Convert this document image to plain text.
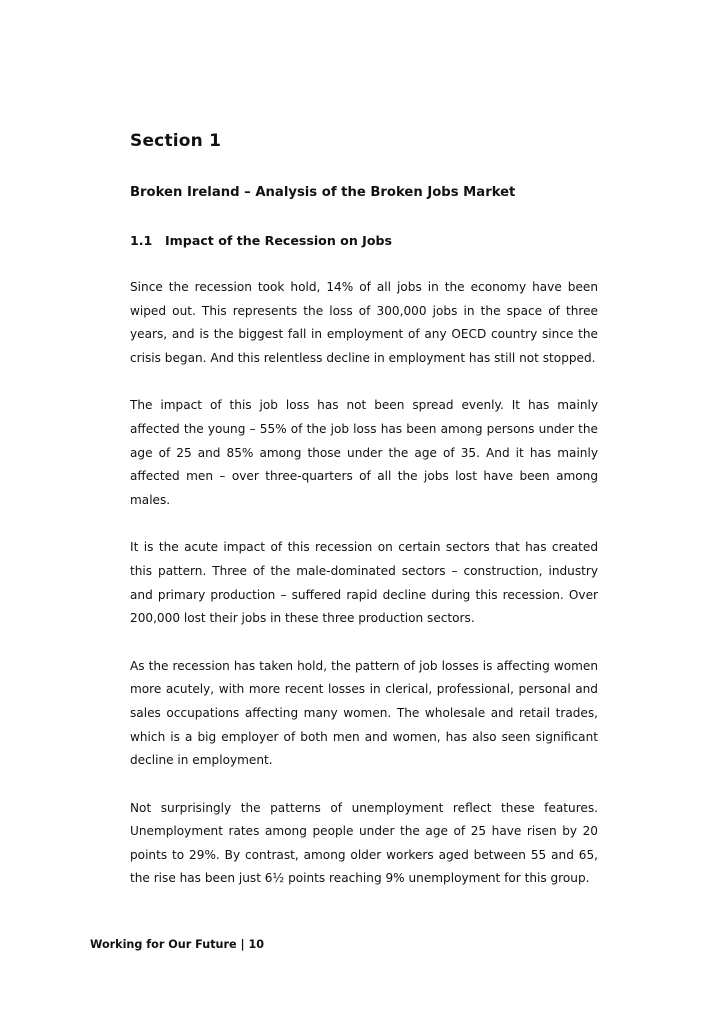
Section 1
Broken Ireland – Analysis of the Broken Jobs Market
1.1 Impact of the Recession on Jobs

Since the recession took hold, 14% of all jobs in the economy have been wiped out. This represents the loss of 300,000 jobs in the space of three years, and is the biggest fall in employment of any OECD country since the crisis began. And this relentless decline in employment has still not stopped.

The impact of this job loss has not been spread evenly. It has mainly affected the young – 55% of the job loss has been among persons under the age of 25 and 85% among those under the age of 35. And it has mainly affected men – over three-quarters of all the jobs lost have been among males.

It is the acute impact of this recession on certain sectors that has created this pattern. Three of the male-dominated sectors – construction, industry and primary production – suffered rapid decline during this recession. Over 200,000 lost their jobs in these three production sectors.

As the recession has taken hold, the pattern of job losses is affecting women more acutely, with more recent losses in clerical, professional, personal and sales occupations affecting many women. The wholesale and retail trades, which is a big employer of both men and women, has also seen significant decline in employment.

Not surprisingly the patterns of unemployment reflect these features. Unemployment rates among people under the age of 25 have risen by 20 points to 29%. By contrast, among older workers aged between 55 and 65, the rise has been just 6½ points reaching 9% unemployment for this group.

Working for Our Future | 10
